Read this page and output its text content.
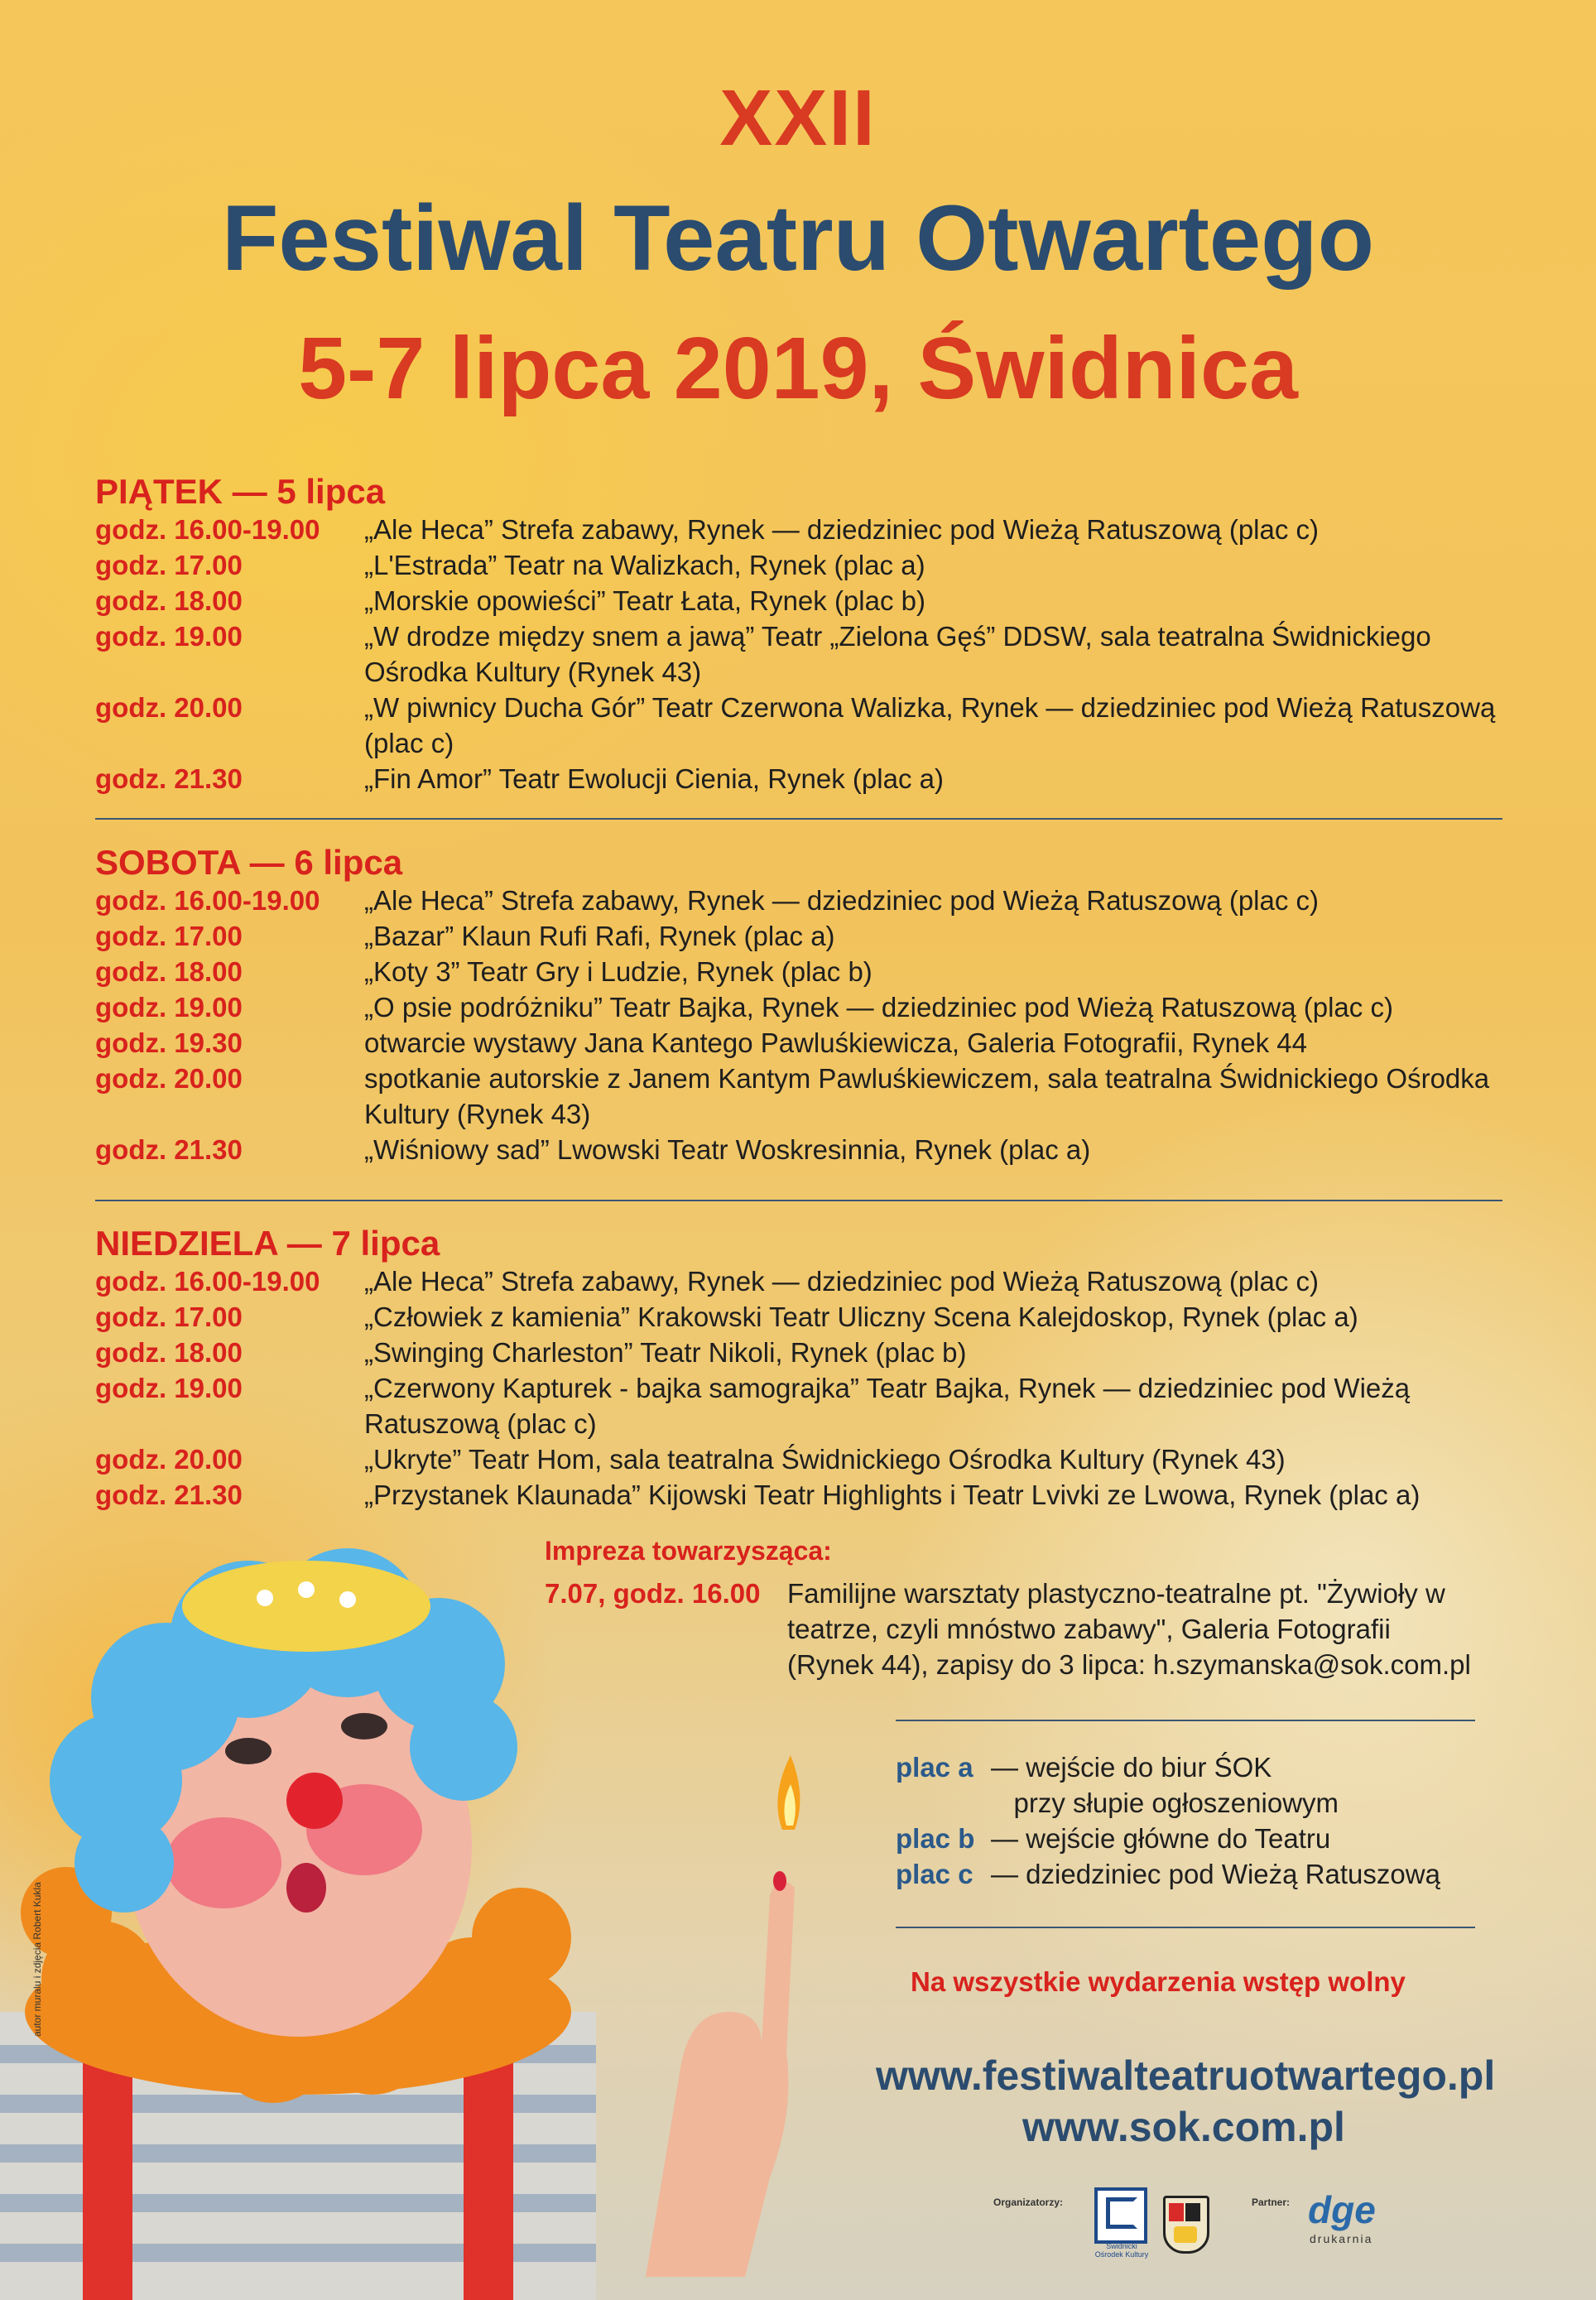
XXII
Festiwal Teatru Otwartego
5-7 lipca 2019, Świdnica
PIĄTEK — 5 lipca
godz. 16.00-19.00	„Ale Heca” Strefa zabawy, Rynek — dziedziniec pod Wieżą Ratuszową (plac c)
godz. 17.00	„L'Estrada” Teatr na Walizkach, Rynek (plac a)
godz. 18.00	„Morskie opowieści” Teatr Łata, Rynek (plac b)
godz. 19.00	„W drodze między snem a jawą” Teatr „Zielona Gęś” DDSW, sala teatralna Świdnickiego Ośrodka Kultury (Rynek 43)
godz. 20.00	„W piwnicy Ducha Gór” Teatr Czerwona Walizka, Rynek — dziedziniec pod Wieżą Ratuszową (plac c)
godz. 21.30	„Fin Amor” Teatr Ewolucji Cienia, Rynek (plac a)
SOBOTA — 6 lipca
godz. 16.00-19.00	„Ale Heca” Strefa zabawy, Rynek — dziedziniec pod Wieżą Ratuszową (plac c)
godz. 17.00	„Bazar” Klaun Rufi Rafi, Rynek (plac a)
godz. 18.00	„Koty 3” Teatr Gry i Ludzie, Rynek (plac b)
godz. 19.00	„O psie podróżniku” Teatr Bajka, Rynek — dziedziniec pod Wieżą Ratuszową (plac c)
godz. 19.30	otwarcie wystawy Jana Kantego Pawluśkiewicza, Galeria Fotografii, Rynek 44
godz. 20.00	spotkanie autorskie z Janem Kantym Pawluśkiewiczem, sala teatralna Świdnickiego Ośrodka Kultury (Rynek 43)
godz. 21.30	„Wiśniowy sad” Lwowski Teatr Woskresinnia, Rynek (plac a)
NIEDZIELA — 7 lipca
godz. 16.00-19.00	„Ale Heca” Strefa zabawy, Rynek — dziedziniec pod Wieżą Ratuszową (plac c)
godz. 17.00	„Człowiek z kamienia” Krakowski Teatr Uliczny Scena Kalejdoskop, Rynek (plac a)
godz. 18.00	„Swinging Charleston” Teatr Nikoli, Rynek (plac b)
godz. 19.00	„Czerwony Kapturek - bajka samograjka” Teatr Bajka, Rynek — dziedziniec pod Wieżą Ratuszową (plac c)
godz. 20.00	„Ukryte” Teatr Hom, sala teatralna Świdnickiego Ośrodka Kultury (Rynek 43)
godz. 21.30	„Przystanek Klaunada” Kijowski Teatr Highlights i Teatr Lvivki ze Lwowa, Rynek (plac a)
Impreza towarzysząca:
7.07, godz. 16.00 Familijne warsztaty plastyczno-teatralne pt. "Żywioły w teatrze, czyli mnóstwo zabawy", Galeria Fotografii (Rynek 44), zapisy do 3 lipca: h.szymanska@sok.com.pl
plac a — wejście do biur ŚOK
przy słupie ogłoszeniowym
plac b — wejście główne do Teatru
plac c — dziedziniec pod Wieżą Ratuszową
Na wszystkie wydarzenia wstęp wolny
www.festiwalteatruotwartego.pl
www.sok.com.pl
autor muralu i zdjęcia Robert Kukla
Organizatorzy:
Świdnicki Ośrodek Kultury
Partner: dge
drukarnia
